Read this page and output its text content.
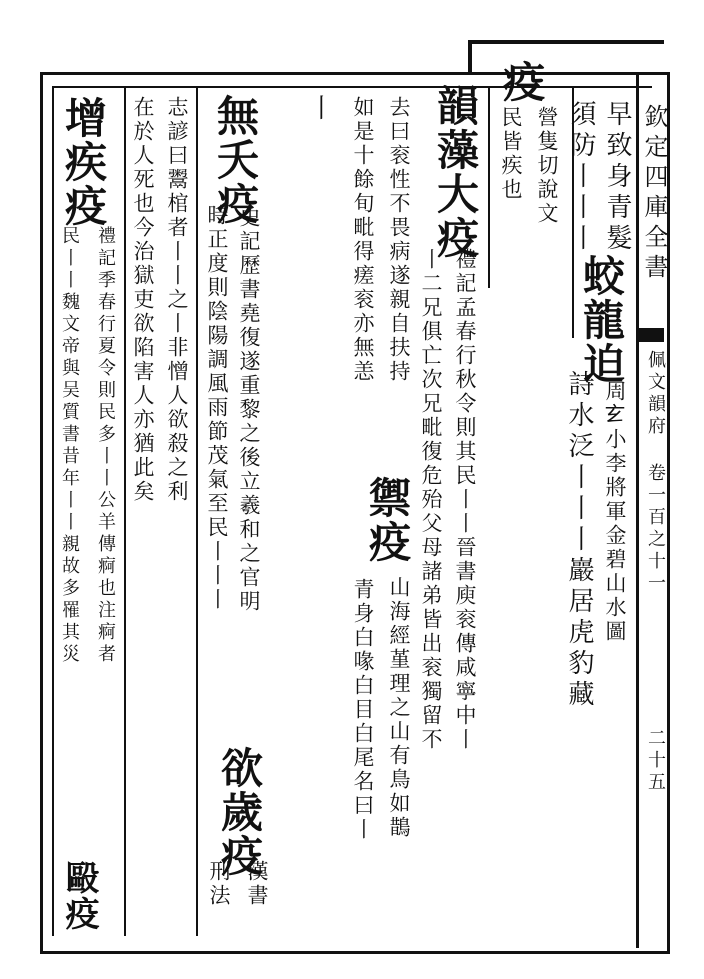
欽定四庫全書
佩文韻府 卷一百之十一
二十五
早致身青髮
須防丨丨丨
蛟龍迫
周𤣥小李將軍金碧山水圖
詩水泛丨丨丨巖居虎豹藏
疫
營隻切說文
民皆疾也
韻藻大疫
禮記孟春行秋令則其民丨丨晉書庾衮傳咸寧中丨
丨二兄俱亡次兄毗復危殆父母諸弟皆出衮獨留不
去曰衮性不畏病遂親自扶持
禦疫
山海經堇理之山有鳥如鵲
如是十餘旬毗得瘥衮亦無恙
青身白喙白目白尾名曰丨
丨
無夭疫
史記歷書堯復遂重黎之後立羲和之官明
時正度則陰陽調風雨節茂氣至民丨丨丨
欲歲疫
漢書
刑法
志諺曰鬻棺者丨丨之丨非憎人欲殺之利
在於人死也今治獄吏欲陷害人亦猶此矣
增疾疫
禮記季春行夏令則民多丨丨公羊傳痾也注痾者
民丨丨魏文帝與吴質書昔年丨丨親故多罹其災
毆疫
